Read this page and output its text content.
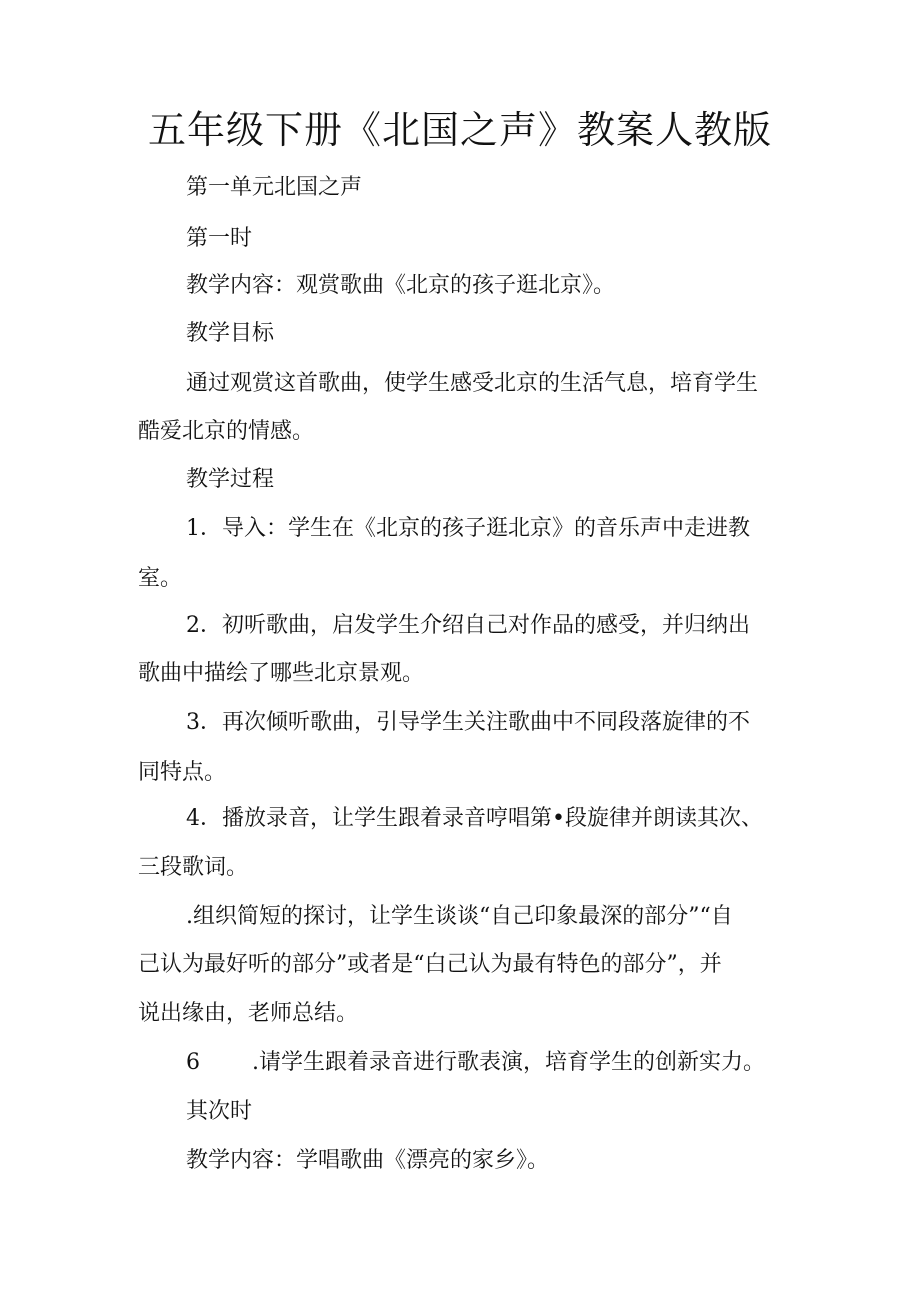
五年级下册《北国之声》教案人教版

第一单元北国之声

第一时

教学内容：观赏歌曲《北京的孩子逛北京》。

教学目标

通过观赏这首歌曲，使学生感受北京的生活气息，培育学生

酷爱北京的情感。

教学过程

1．导入：学生在《北京的孩子逛北京》的音乐声中走进教

室。

2．初听歌曲，启发学生介绍自己对作品的感受，并归纳出

歌曲中描绘了哪些北京景观。

3．再次倾听歌曲，引导学生关注歌曲中不同段落旋律的不

同特点。

4．播放录音，让学生跟着录音哼唱第•段旋律并朗读其次、

三段歌词。

.组织简短的探讨，让学生谈谈“自己印象最深的部分”“自

己认为最好听的部分”或者是“白己认为最有特色的部分”，并

说出缘由，老师总结。

6 .请学生跟着录音进行歌表演，培育学生的创新实力。

其次时

教学内容：学唱歌曲《漂亮的家乡》。
